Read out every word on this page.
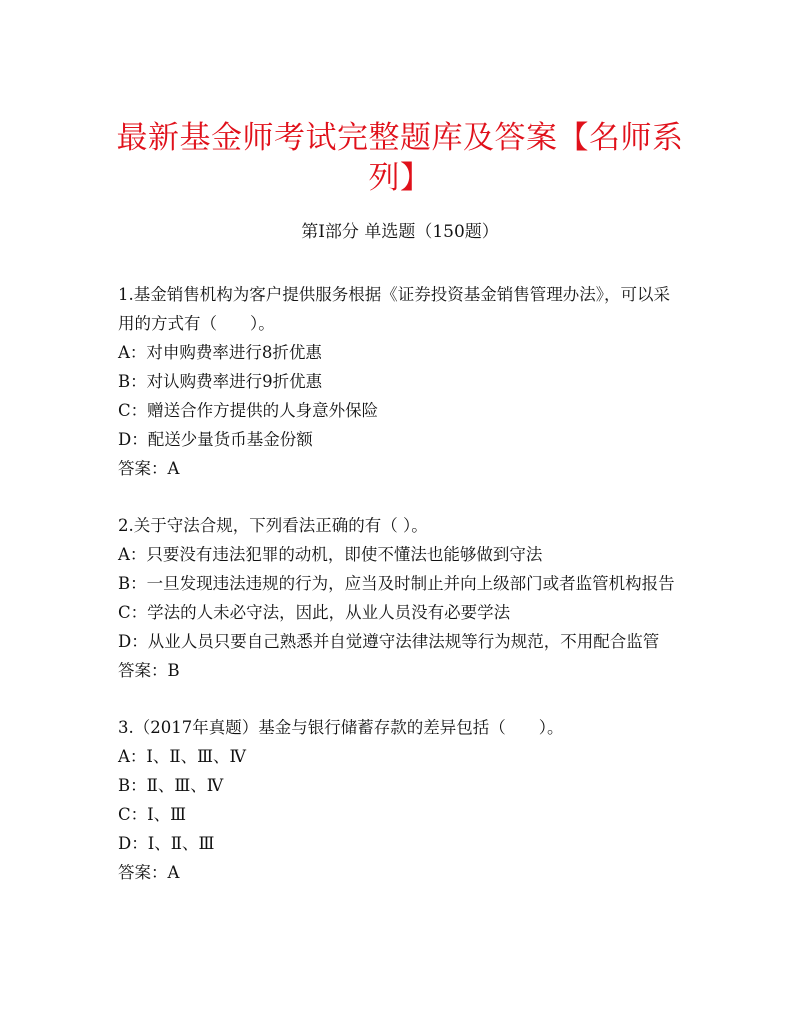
最新基金师考试完整题库及答案【名师系列】
第Ⅰ部分 单选题（150题）
1.基金销售机构为客户提供服务根据《证券投资基金销售管理办法》，可以采用的方式有（　　）。
A：对申购费率进行8折优惠
B：对认购费率进行9折优惠
C：赠送合作方提供的人身意外保险
D：配送少量货币基金份额
答案：A
2.关于守法合规，下列看法正确的有（ ）。
A：只要没有违法犯罪的动机，即使不懂法也能够做到守法
B：一旦发现违法违规的行为，应当及时制止并向上级部门或者监管机构报告
C：学法的人未必守法，因此，从业人员没有必要学法
D：从业人员只要自己熟悉并自觉遵守法律法规等行为规范，不用配合监管
答案：B
3.（2017年真题）基金与银行储蓄存款的差异包括（　　）。
A：Ⅰ、Ⅱ、Ⅲ、Ⅳ
B：Ⅱ、Ⅲ、Ⅳ
C：Ⅰ、Ⅲ
D：Ⅰ、Ⅱ、Ⅲ
答案：A
